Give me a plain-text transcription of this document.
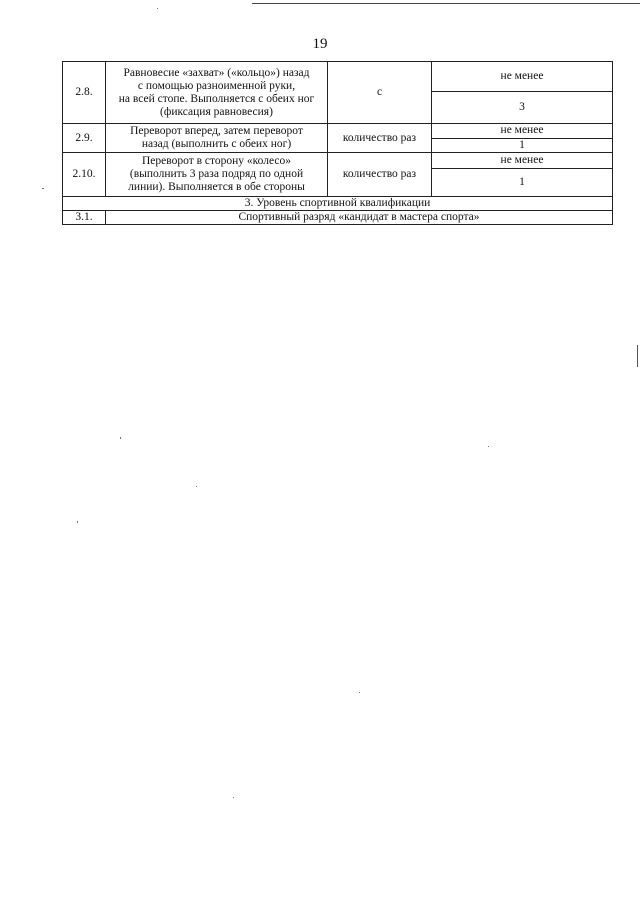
19
2.8.	Равновесие «захват» («кольцо») назад
с помощью разноименной руки,
на всей стопе. Выполняется с обеих ног
(фиксация равновесия)	с	не менее
			3
2.9.	Переворот вперед, затем переворот
назад (выполнить с обеих ног)	количество раз	не менее
			1
2.10.	Переворот в сторону «колесо»
(выполнить 3 раза подряд по одной
линии). Выполняется в обе стороны	количество раз	не менее
			1
3. Уровень спортивной квалификации			
3.1.	Спортивный разряд «кандидат в мастера спорта»		
